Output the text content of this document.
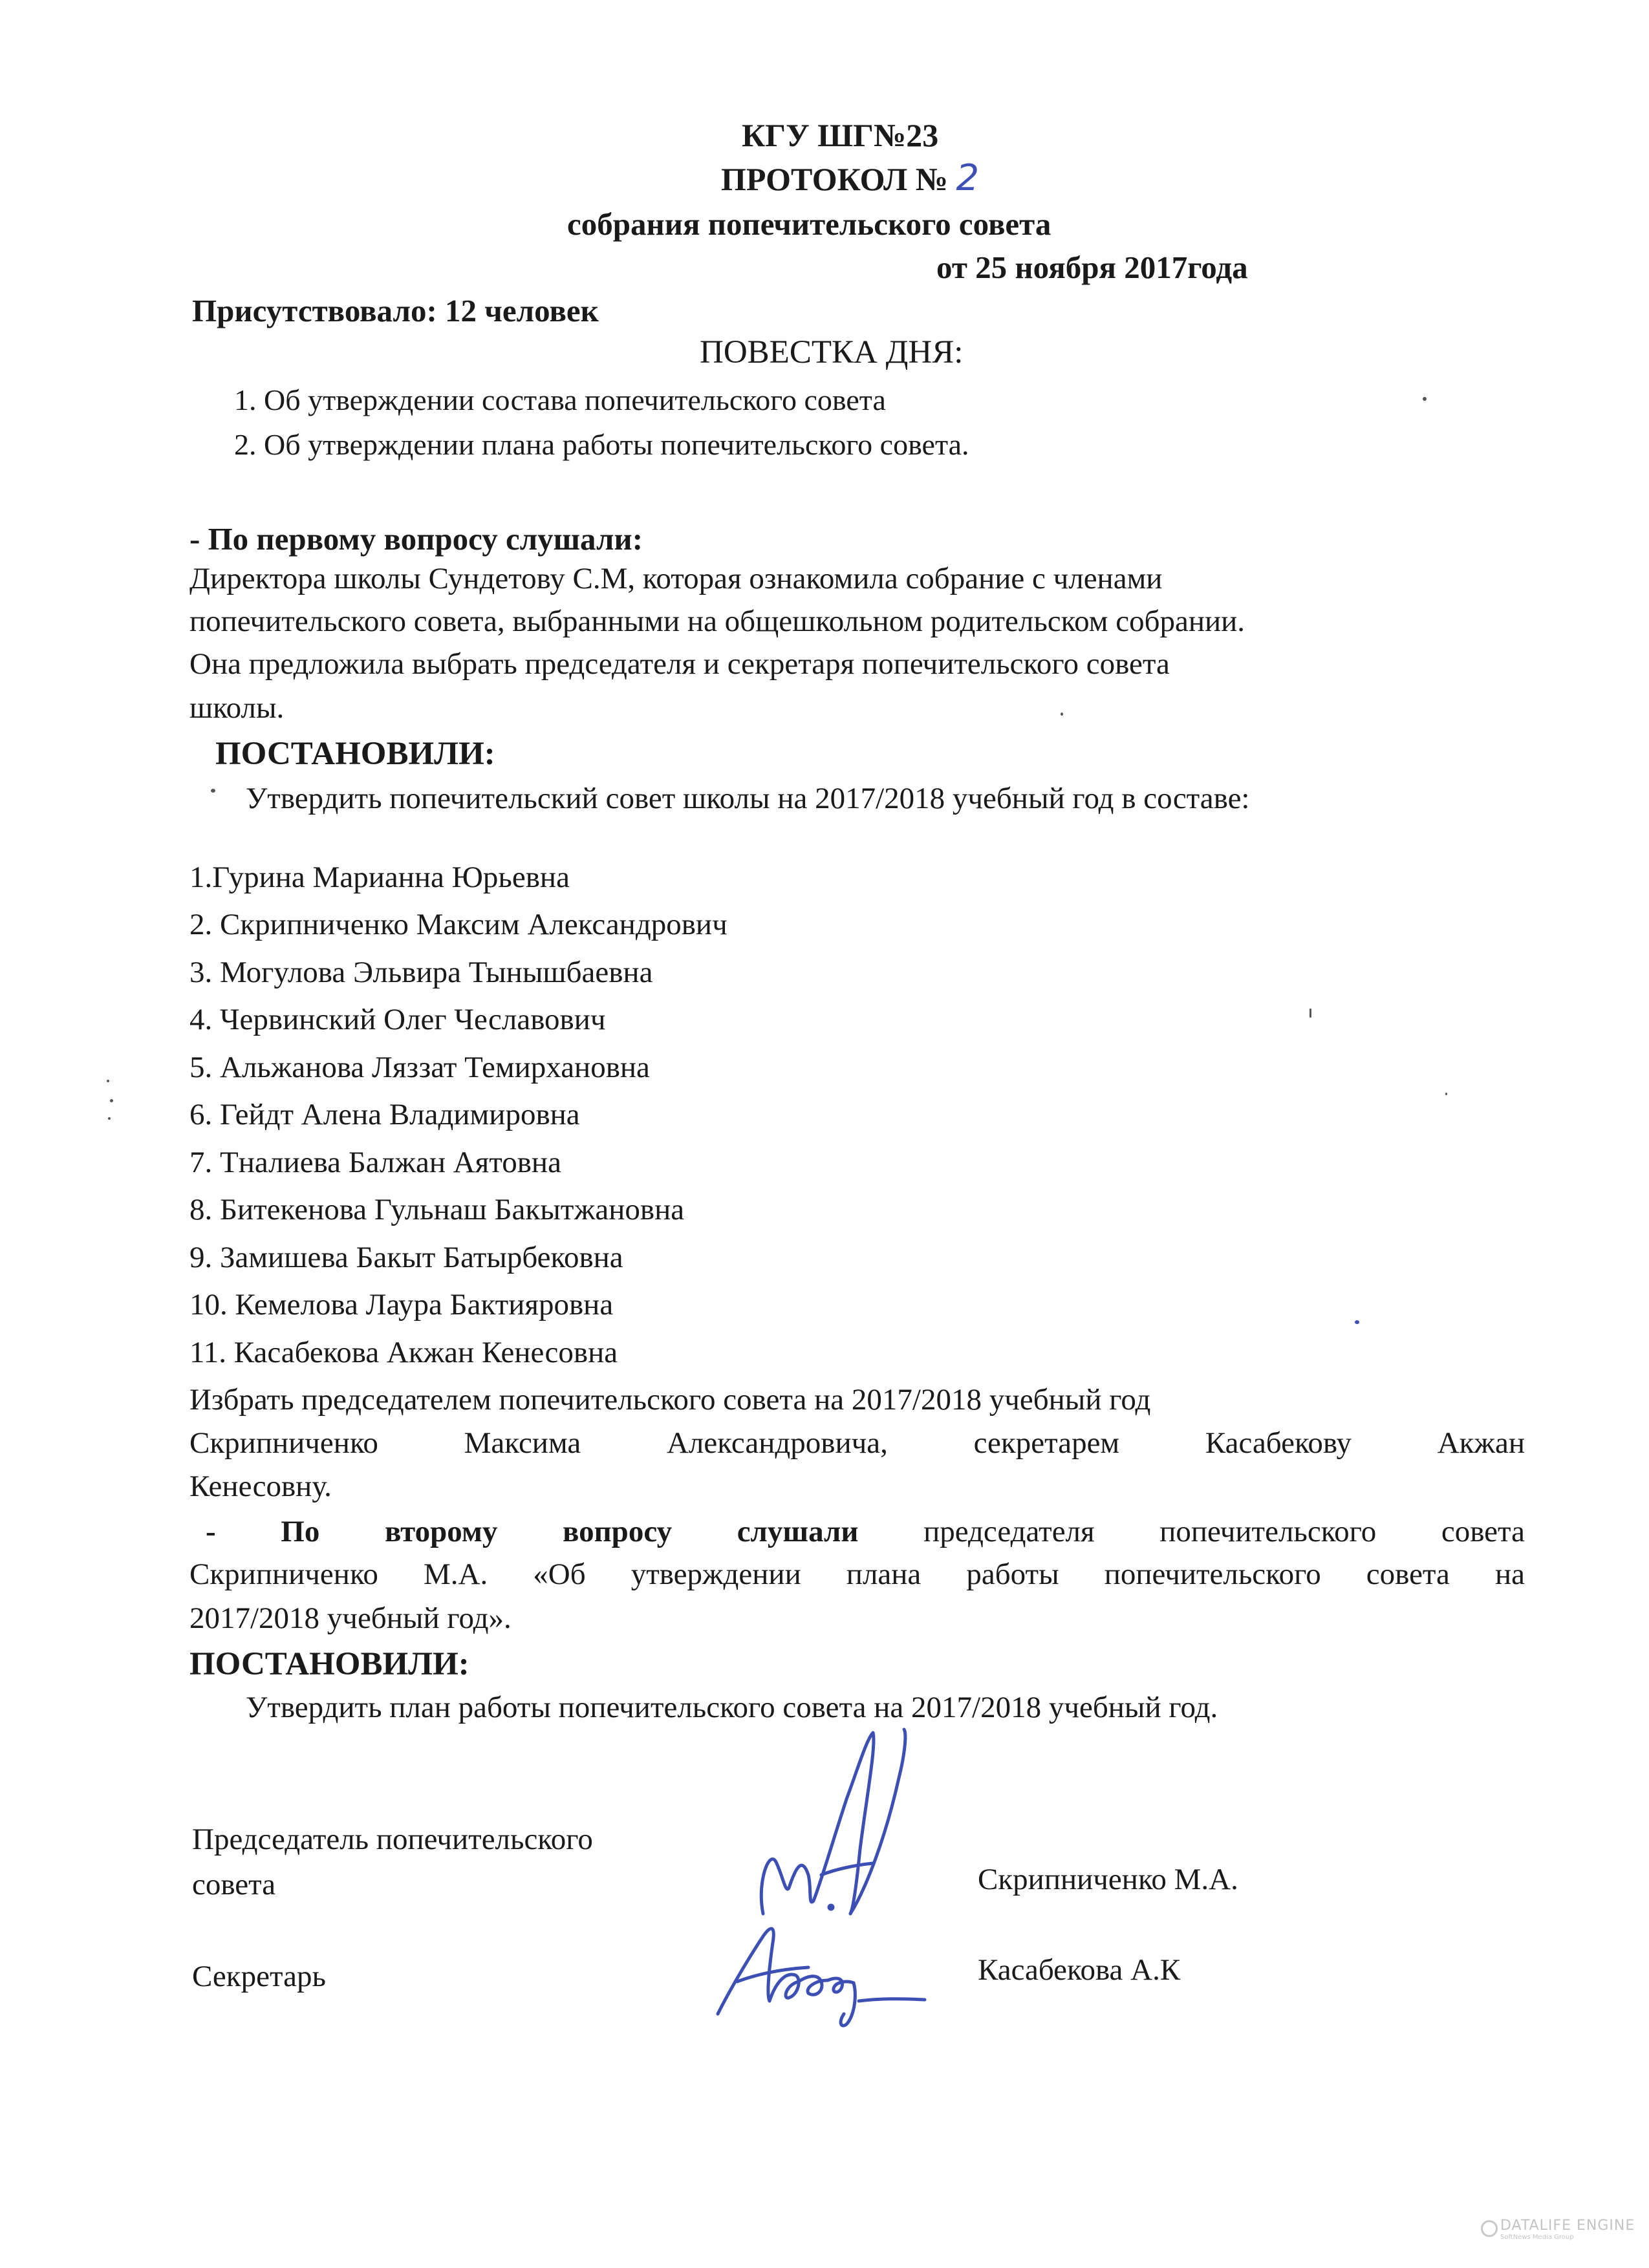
КГУ ШГ№23
ПРОТОКОЛ № 2
собрания попечительского совета
от 25 ноября 2017года
Присутствовало: 12 человек
ПОВЕСТКА ДНЯ:
1. Об утверждении состава попечительского совета
2. Об утверждении плана работы попечительского совета.
- По первому вопросу слушали:
Директора школы Сундетову С.М, которая ознакомила собрание с членами
попечительского совета, выбранными на общешкольном родительском собрании.
Она предложила выбрать председателя и секретаря попечительского совета
школы.
ПОСТАНОВИЛИ:
Утвердить попечительский совет школы на 2017/2018 учебный год в составе:
1.Гурина Марианна Юрьевна
2. Скрипниченко Максим Александрович
3. Могулова Эльвира Тынышбаевна
4. Червинский Олег Чеславович
5. Альжанова Ляззат Темирхановна
6. Гейдт Алена Владимировна
7. Тналиева Балжан Аятовна
8. Битекенова Гульнаш Бакытжановна
9. Замишева Бакыт Батырбековна
10. Кемелова Лаура Бактияровна
11. Касабекова Акжан Кенесовна
Избрать председателем попечительского совета на 2017/2018 учебный год
Скрипниченко Максима Александровича, секретарем Касабекову Акжан
Кенесовну.
- По второму вопросу слушали председателя попечительского совета
Скрипниченко М.А. «Об утверждении плана работы попечительского совета на
2017/2018 учебный год».
ПОСТАНОВИЛИ:
Утвердить план работы попечительского совета на 2017/2018 учебный год.
Председатель попечительского
совета	Скрипниченко М.А.
Секретарь	Касабекова А.К
DATALIFE ENGINE
SoftNews Media Group
